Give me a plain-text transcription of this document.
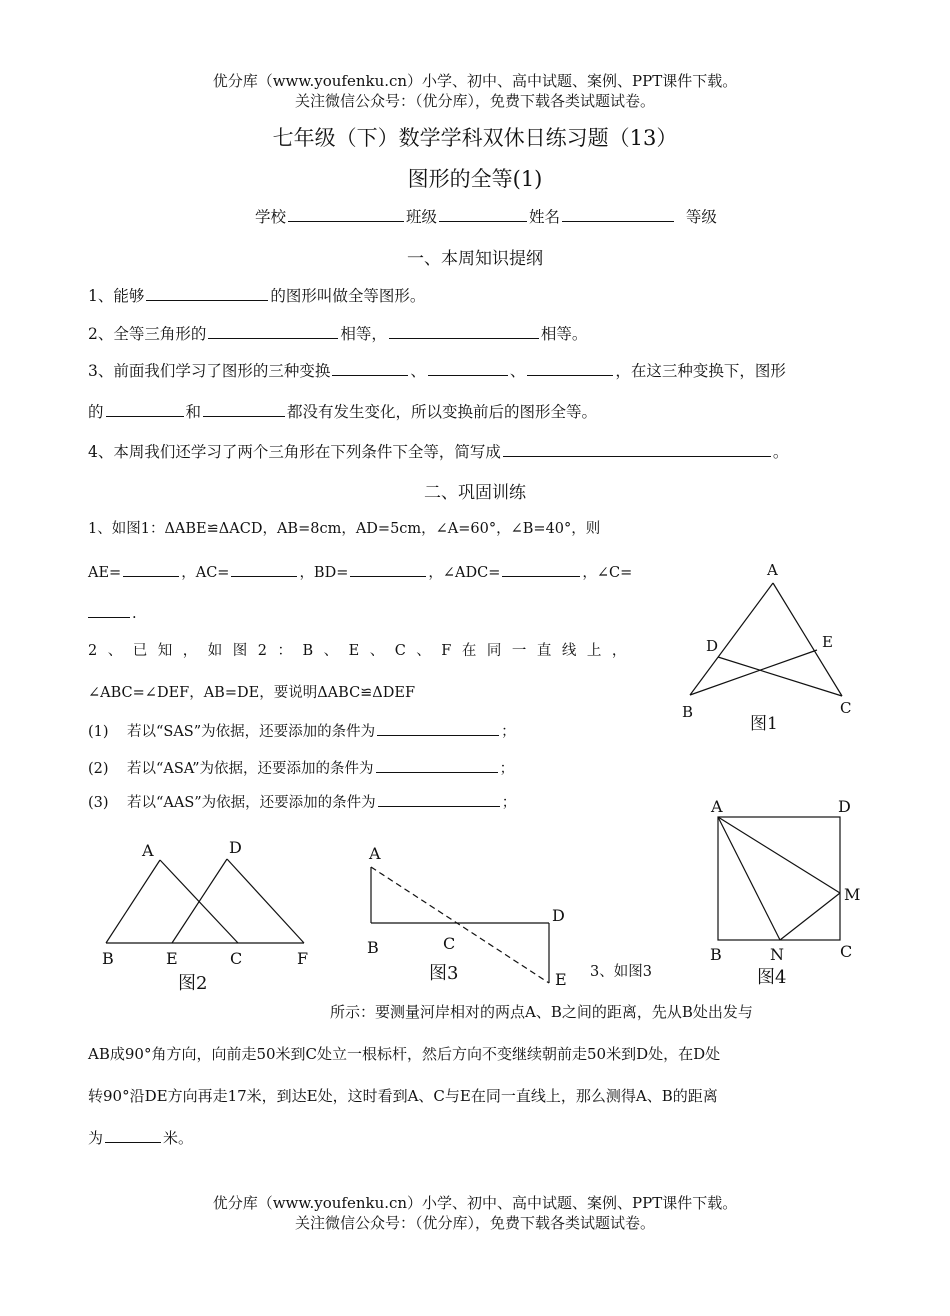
优分库（www.youfenku.cn）小学、初中、高中试题、案例、PPT课件下载。
关注微信公众号：（优分库），免费下载各类试题试卷。
七年级（下）数学学科双休日练习题（13）
图形的全等(1)
学校	班级	姓名	等级
一、本周知识提纲
1、能够	的图形叫做全等图形。
2、全等三角形的	相等，	相等。
3、前面我们学习了图形的三种变换	、	、	，在这三种变换下，图形
的	和	都没有发生变化，所以变换前后的图形全等。
4、本周我们还学习了两个三角形在下列条件下全等，简写成	。
二、巩固训练
1、如图1：ΔABE≌ΔACD，AB=8cm，AD=5cm，∠A=60°，∠B=40°，则
AE=	，AC=	，BD=	，∠ADC=	，∠C=
.
2、已知，如图2：B、E、C、F在同一直线上，
∠ABC=∠DEF，AB=DE，要说明ΔABC≌ΔDEF
(1) 若以“SAS”为依据，还要添加的条件为	；
(2) 若以“ASA”为依据，还要添加的条件为	；
(3) 若以“AAS”为依据，还要添加的条件为	；
A
D	E
B	C
图1
A	D
B	E	C	F
图2
A
B	C
D
E
图3	3、如图3
A	D
M
B	N	C
图4
所示：要测量河岸相对的两点A、B之间的距离，先从B处出发与
AB成90°角方向，向前走50米到C处立一根标杆，然后方向不变继续朝前走50米到D处，在D处
转90°沿DE方向再走17米，到达E处，这时看到A、C与E在同一直线上，那么测得A、B的距离
为	米。
优分库（www.youfenku.cn）小学、初中、高中试题、案例、PPT课件下载。
关注微信公众号：（优分库），免费下载各类试题试卷。
